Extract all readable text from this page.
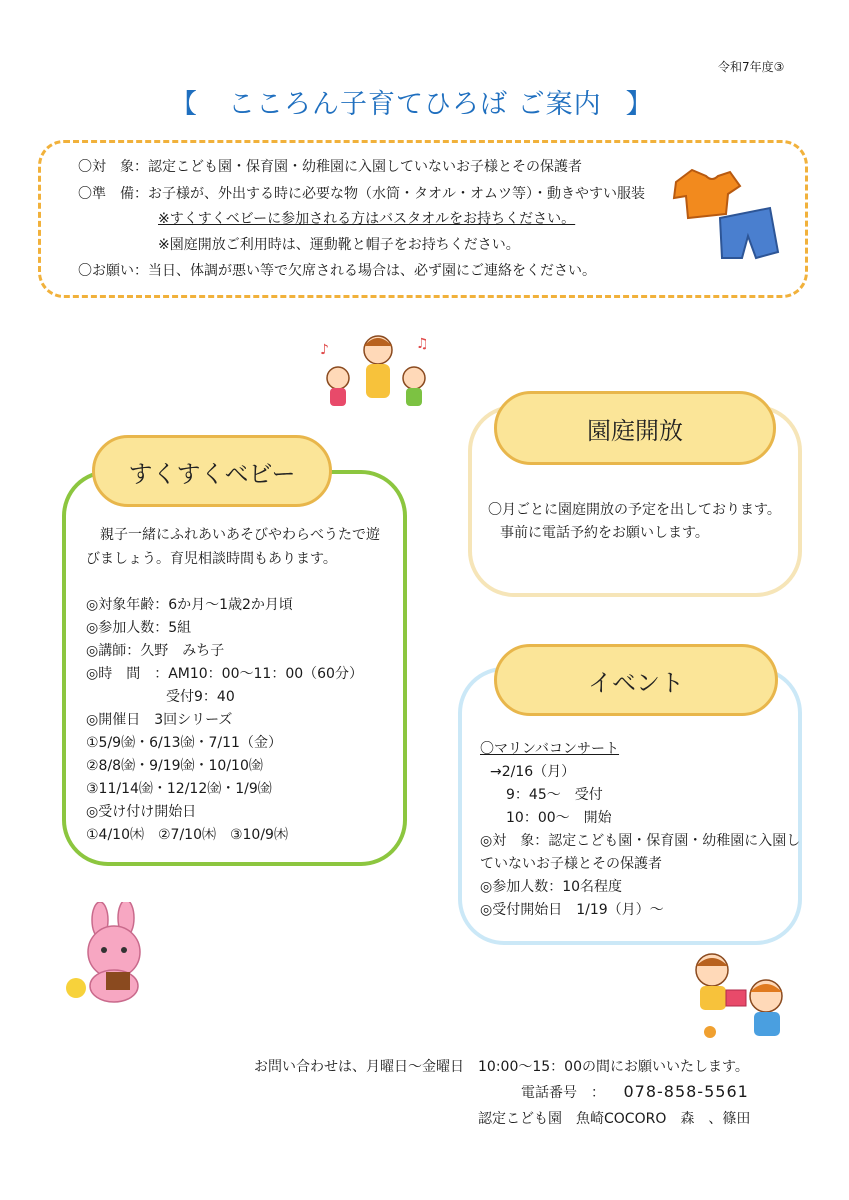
令和7年度③
【 こころん子育てひろば ご案内 】
〇対　象：認定こども園・保育園・幼稚園に入園していないお子様とその保護者
〇準　備：お子様が、外出する時に必要な物（水筒・タオル・オムツ等）・動きやすい服装
※すくすくベビーに参加される方はバスタオルをお持ちください。
※園庭開放ご利用時は、運動靴と帽子をお持ちください。
〇お願い：当日、体調が悪い等で欠席される場合は、必ず園にご連絡をください。
♪	♫
すくすくベビー
親子一緒にふれあいあそびやわらべうたで遊
びましょう。育児相談時間もあります。
◎対象年齢：6か月～1歳2か月頃
◎参加人数：5組
◎講師：久野　みち子
◎時　間　：AM10：00～11：00（60分）
受付9：40
◎開催日　3回シリーズ
①5/9㈮・6/13㈮・7/11（金）
②8/8㈮・9/19㈮・10/10㈮
③11/14㈮・12/12㈮・1/9㈮
◎受け付け開始日
①4/10㈭　②7/10㈭　③10/9㈭
園庭開放
〇月ごとに園庭開放の予定を出しております。
事前に電話予約をお願いします。
イベント
〇マリンバコンサート
→2/16（月）
9：45～　受付
10：00～　開始
◎対　象：認定こども園・保育園・幼稚園に入園し
ていないお子様とその保護者
◎参加人数：10名程度
◎受付開始日　1/19（月）～
お問い合わせは、月曜日～金曜日　10:00～15：00の間にお願いいたします。
電話番号　： 078-858-5561
認定こども園　魚崎COCORO　森　、篠田
